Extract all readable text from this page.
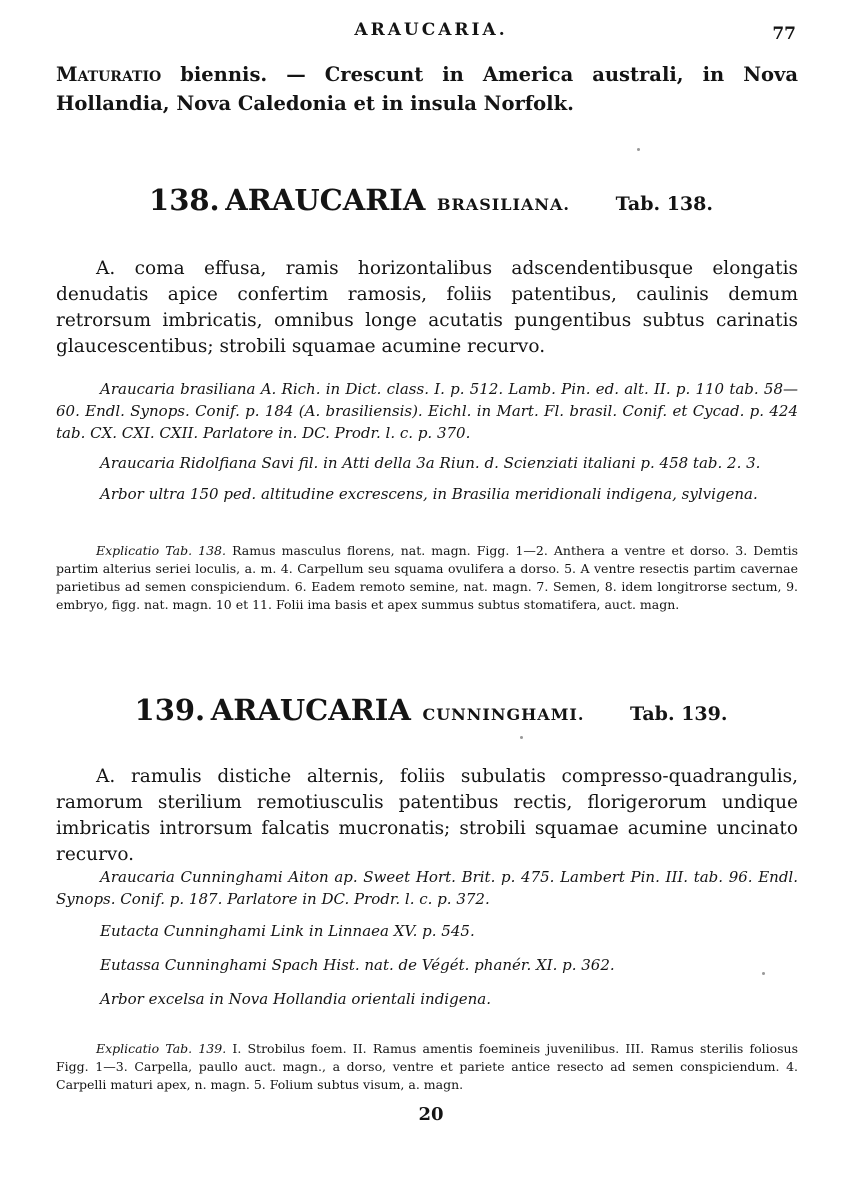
ARAUCARIA.	77

Maturatio biennis. — Crescunt in America australi, in Nova Hollandia, Nova Caledonia et in insula Norfolk.

138. ARAUCARIA BRASILIANA. Tab. 138.

A. coma effusa, ramis horizontalibus adscendentibusque elongatis denudatis apice confertim ramosis, foliis patentibus, caulinis demum retrorsum imbricatis, omnibus longe acutatis pungentibus subtus carinatis glaucescentibus; strobili squamae acumine recurvo.

Araucaria brasiliana A. Rich. in Dict. class. I. p. 512. Lamb. Pin. ed. alt. II. p. 110 tab. 58—60. Endl. Synops. Conif. p. 184 (A. brasiliensis). Eichl. in Mart. Fl. brasil. Conif. et Cycad. p. 424 tab. CX. CXI. CXII. Parlatore in. DC. Prodr. l. c. p. 370.

Araucaria Ridolfiana Savi fil. in Atti della 3a Riun. d. Scienziati italiani p. 458 tab. 2. 3.

Arbor ultra 150 ped. altitudine excrescens, in Brasilia meridionali indigena, sylvigena.

Explicatio Tab. 138. Ramus masculus florens, nat. magn. Figg. 1—2. Anthera a ventre et dorso. 3. Demtis partim alterius seriei loculis, a. m. 4. Carpellum seu squama ovulifera a dorso. 5. A ventre resectis partim cavernae parietibus ad semen conspiciendum. 6. Eadem remoto semine, nat. magn. 7. Semen, 8. idem longitrorse sectum, 9. embryo, figg. nat. magn. 10 et 11. Folii ima basis et apex summus subtus stomatifera, auct. magn.

139. ARAUCARIA CUNNINGHAMI. Tab. 139.

A. ramulis distiche alternis, foliis subulatis compresso-quadrangulis, ramorum sterilium remotiusculis patentibus rectis, florigerorum undique imbricatis introrsum falcatis mucronatis; strobili squamae acumine uncinato recurvo.

Araucaria Cunninghami Aiton ap. Sweet Hort. Brit. p. 475. Lambert Pin. III. tab. 96. Endl. Synops. Conif. p. 187. Parlatore in DC. Prodr. l. c. p. 372.

Eutacta Cunninghami Link in Linnaea XV. p. 545.

Eutassa Cunninghami Spach Hist. nat. de Végét. phanér. XI. p. 362.

Arbor excelsa in Nova Hollandia orientali indigena.

Explicatio Tab. 139. I. Strobilus foem. II. Ramus amentis foemineis juvenilibus. III. Ramus sterilis foliosus Figg. 1—3. Carpella, paullo auct. magn., a dorso, ventre et pariete antice resecto ad semen conspiciendum. 4. Carpelli maturi apex, n. magn. 5. Folium subtus visum, a. magn.

20
